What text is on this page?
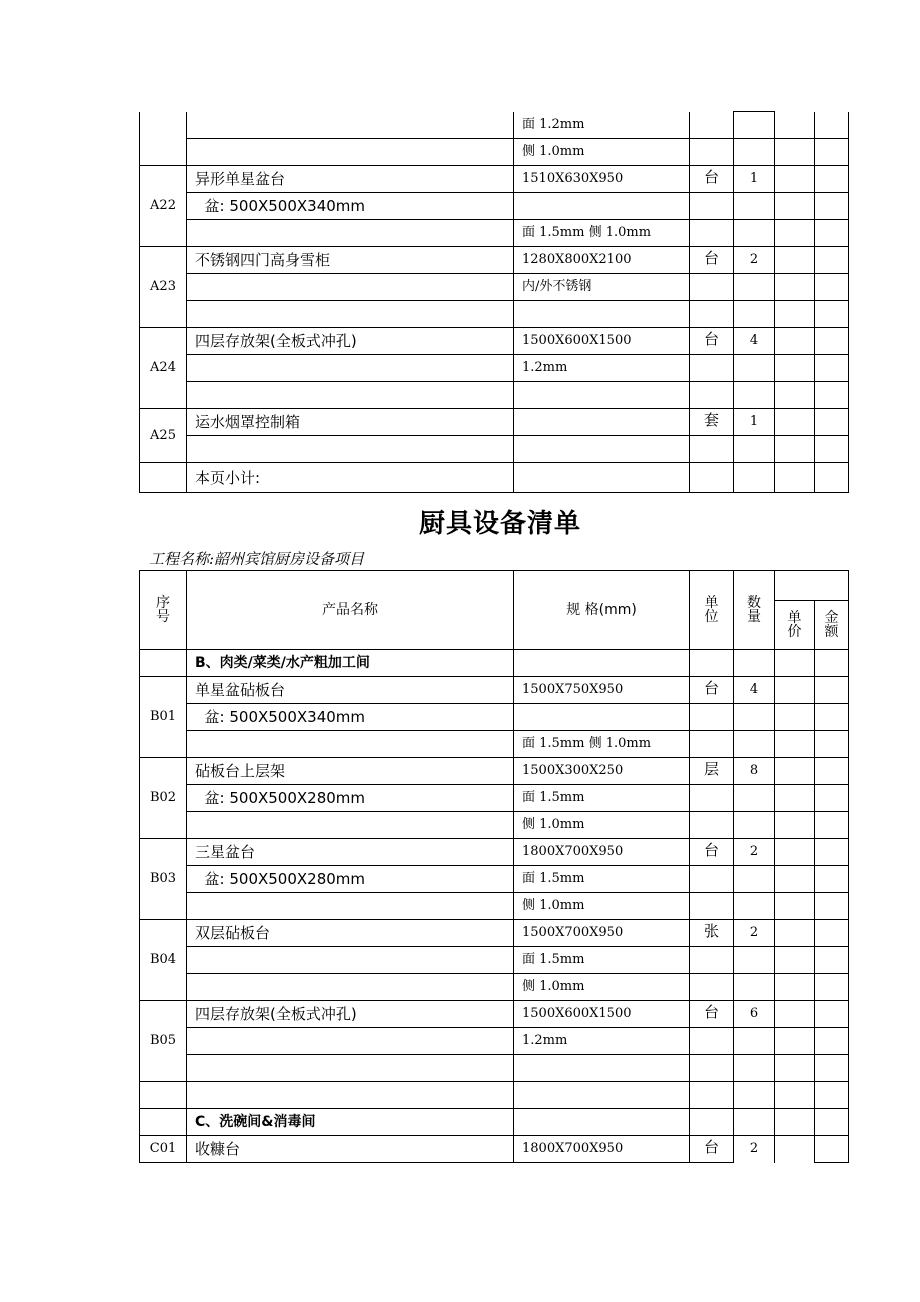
		面 1.2mm				
		侧 1.0mm				
A22	异形单星盆台	1510X630X950	台	1		
	盆: 500X500X340mm					
		面 1.5mm 侧 1.0mm				
A23	不锈钢四门高身雪柜	1280X800X2100	台	2		
		内/外不锈钢				

A24	四层存放架(全板式冲孔)	1500X600X1500	台	4		
		1.2mm				

A25	运水烟罩控制箱		套	1		

	本页小计:					
厨具设备清单
工程名称:韶州宾馆厨房设备项目
序号	产品名称	规 格(mm)	单位	数量		
					单价	金额
	B、肉类/菜类/水产粗加工间					
B01	单星盆砧板台	1500X750X950	台	4		
	盆: 500X500X340mm					
		面 1.5mm 侧 1.0mm				
B02	砧板台上层架	1500X300X250	层	8		
	盆: 500X500X280mm	面 1.5mm				
		侧 1.0mm				
B03	三星盆台	1800X700X950	台	2		
	盆: 500X500X280mm	面 1.5mm				
		侧 1.0mm				
B04	双层砧板台	1500X700X950	张	2		
		面 1.5mm				
		侧 1.0mm				
B05	四层存放架(全板式冲孔)	1500X600X1500	台	6		
		1.2mm				

	C、洗碗间&消毒间					
C01	收糠台	1800X700X950	台	2		
